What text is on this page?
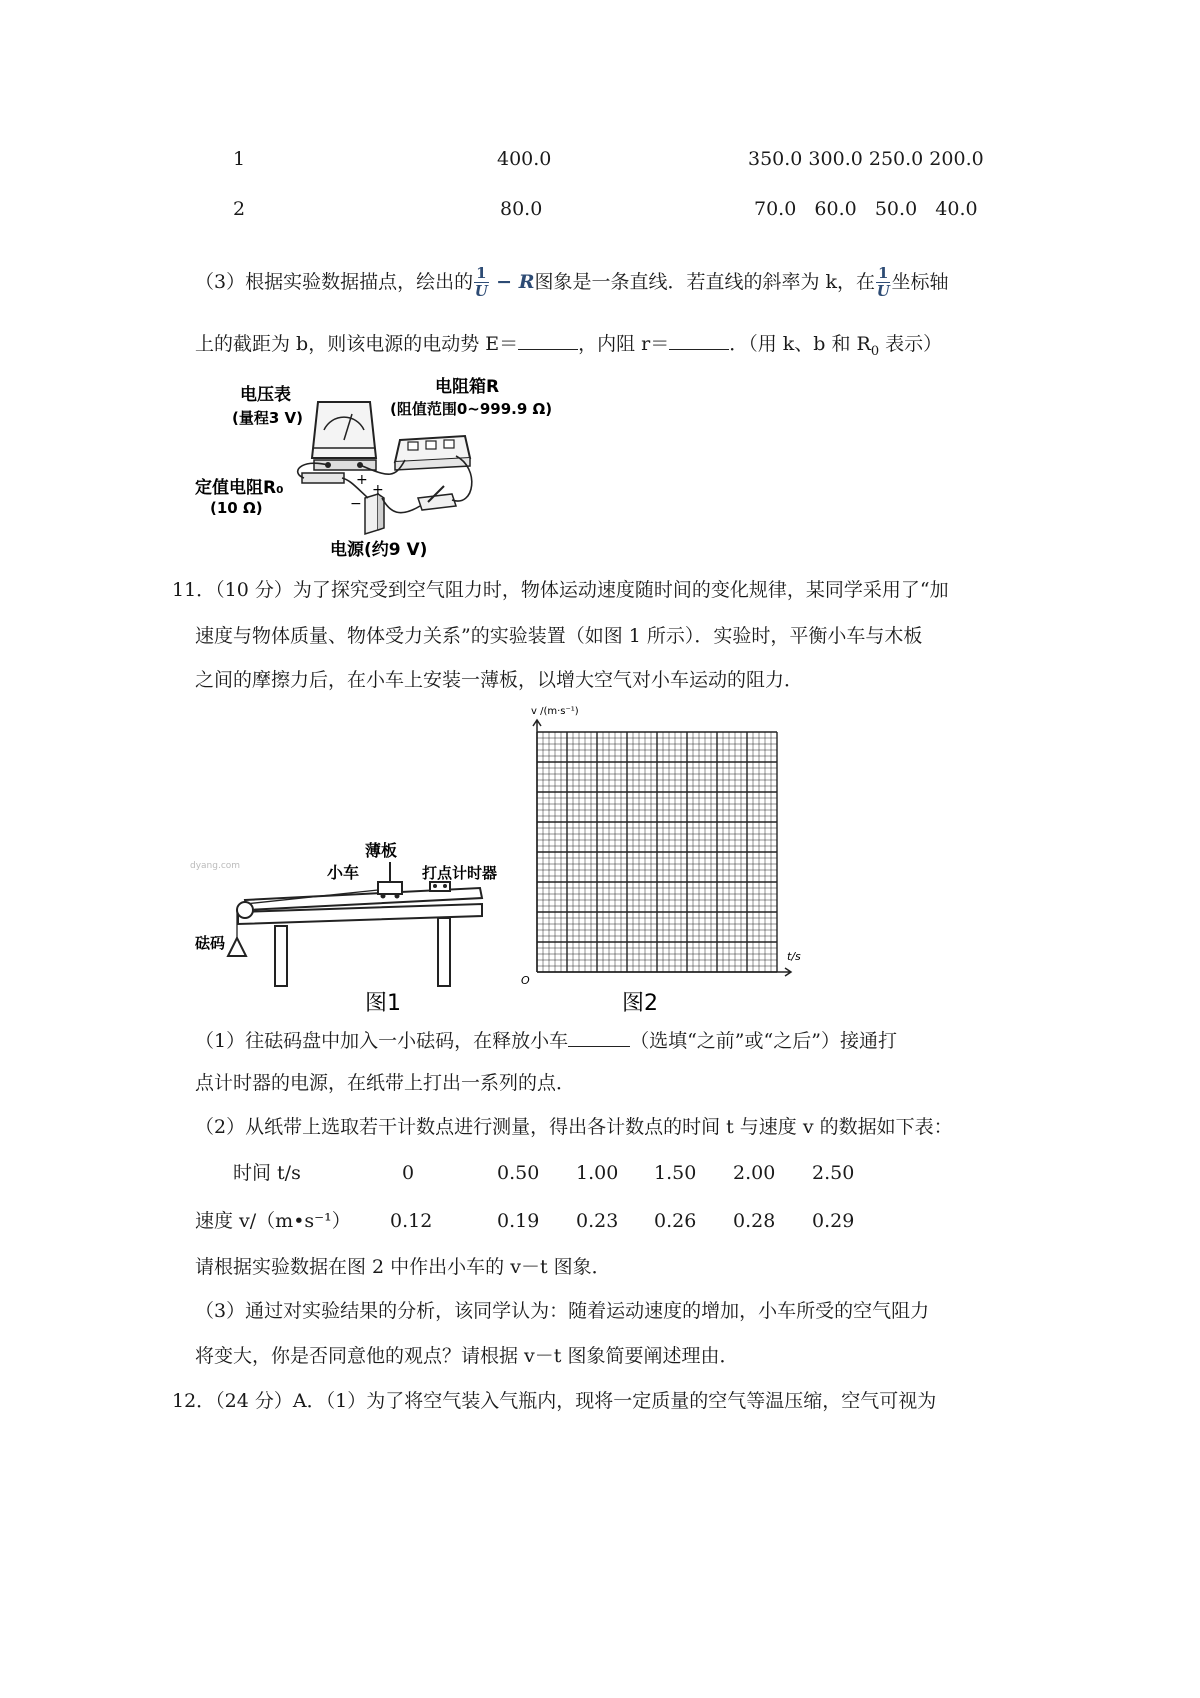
1	400.0	350.0 300.0 250.0 200.0
2	80.0	70.0   60.0   50.0   40.0
（3）根据实验数据描点，绘出的 $\frac{1}{U} - R$ 图象是一条直线．若直线的斜率为 k，在 $\frac{1}{U}$ 坐标轴
上的截距为 b，则该电源的电动势 E＝	，内阻 r＝	．（用 k、b 和 $R_0$ 表示）
电压表
(量程3 V)
电阻箱R
(阻值范围0~999.9 Ω)
定值电阻R₀
(10 Ω)
电源(约9 V)
+
−
+
11．（10 分）为了探究受到空气阻力时，物体运动速度随时间的变化规律，某同学采用了“加
速度与物体质量、物体受力关系”的实验装置（如图 1 所示）．实验时，平衡小车与木板
之间的摩擦力后，在小车上安装一薄板，以增大空气对小车运动的阻力．
dyang.com
薄板
小车	打点计时器
砝码
图1
v /(m·s⁻¹)
t/s
O
图2
（1）往砝码盘中加入一小砝码，在释放小车	（选填“之前”或“之后”）接通打
点计时器的电源，在纸带上打出一系列的点．
（2）从纸带上选取若干计数点进行测量，得出各计数点的时间 t 与速度 v 的数据如下表：
时间 t/s	0	0.50 1.00 1.50 2.00 2.50
速度 v/（m•s⁻¹） 0.12	0.19 0.23 0.26 0.28 0.29
请根据实验数据在图 2 中作出小车的 v－t 图象．
（3）通过对实验结果的分析，该同学认为：随着运动速度的增加，小车所受的空气阻力
将变大，你是否同意他的观点？请根据 v－t 图象简要阐述理由．
12．（24 分）A．（1）为了将空气装入气瓶内，现将一定质量的空气等温压缩，空气可视为
